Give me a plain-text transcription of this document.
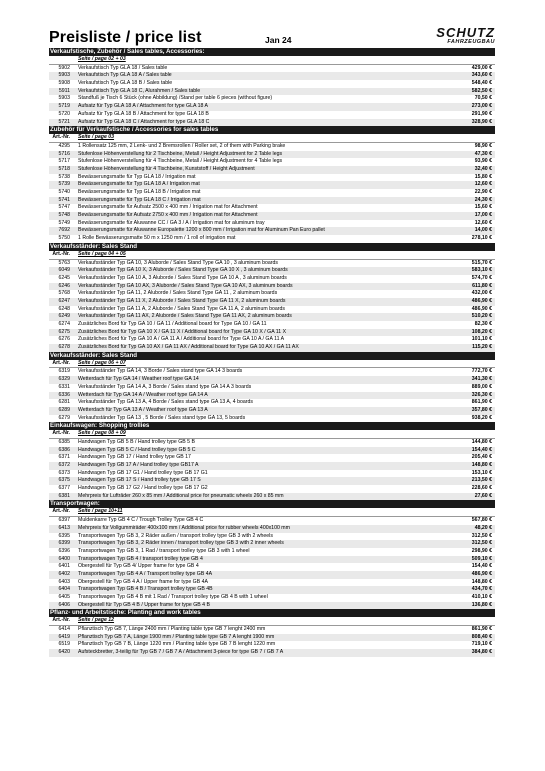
Preisliste / price list	Jan 24	SCHUTZ
FAHRZEUGBAU
Verkaufstische, Zubehör / Sales tables, Accessories:
Seite / page 02 + 03
5902 Verkaufstisch Typ GLA 18 / Sales table	429,00 €
5903 Verkaufstisch Typ GLA 18 A / Sales table	343,60 €
5908 Verkaufstisch Typ GLA 18 B / Sales table	548,40 €
5911 Verkaufstisch Typ GLA 18 C, Alurahmen / Sales table	582,50 €
5903 Standfuß je Tisch 6 Stück (ohne Abbildung) /Stand per table 6 pieces (without figure)	70,50 €
5719 Aufsatz für Typ GLA 18 A / Attachment for type GLA 18 A	273,00 €
5720 Aufsatz für Typ GLA 18 B / Attachment for type GLA 18 B	291,90 €
5721 Aufsatz für Typ GLA 18 C / Attachment for type GLA 18 C	328,90 €
Zubehör für Verkaufstische / Accessories for sales tables
Art.-Nr. Seite / page 03
4295 1 Rollensatz 125 mm, 2 Lenk- und 2 Bremsrollen / Roller set, 2 of them with Parking brake	98,90 €
5716 Stufenlose Höhenverstellung für 2 Tischbeine, Metall / Height Adjustment for 2 Table legs	47,30 €
5717 Stufenlose Höhenverstellung für 4 Tischbeine, Metall / Height Adjustment for 4 Table legs	93,90 €
5718 Stufenlose Höhenverstellung für 4 Tischbeine, Kunststoff / Height Adjustment	32,40 €
5738 Bewässerungsmatte für Typ GLA 18 / Irrigation mat	15,80 €
5739 Bewässerungsmatte für Typ GLA 18 A / Irrigation mat	12,60 €
5740 Bewässerungsmatte für Typ GLA 18 B / Irrigation mat	22,90 €
5741 Bewässerungsmatte für Typ GLA 18 C / Irrigation mat	24,30 €
5747 Bewässerungsmatte für Aufsatz 2500 x 400 mm / Irrigation mat for Attachment	15,60 €
5748 Bewässerungsmatte für Aufsatz 2750 x 400 mm / Irrigation mat for Attachment	17,00 €
5749 Bewässerungsmatte für Aluwanne CC / GA 3 / A / Irrigation mat for aluminum tray	12,60 €
7692 Bewässerungsmatte für Aluwanne Europalette 1200 x 800 mm / Irrigation mat for Aluminum Pan Euro pallet	14,00 €
5750 1 Rolle Bewässerungsmatte 50 m x 1250 mm / 1 roll of irrigation mat	278,10 €
Verkaufsständer: Sales Stand
Art.-Nr. Seite / page 04 + 05
5763 Verkaufsständer Typ GA 10, 3 Aluborde / Sales Stand Type GA 10 , 3 aluminum boards	515,70 €
6049 Verkaufsständer Typ GA 10 X, 3 Aluborde / Sales Stand Type GA 10 X , 3 aluminum boards	583,10 €
6245 Verkaufsständer Typ GA 10 A, 3 Aluborde / Sales Stand Type GA 10 A , 3 aluminum boards	574,70 €
6246 Verkaufsständer Typ GA 10 AX, 3 Aluborde / Sales Stand Type GA 10 AX, 3 aluminum boards	611,80 €
5768 Verkaufsständer Typ GA 11, 2 Aluborde / Sales Stand Type GA 11 , 2 aluminum boards	432,00 €
6247 Verkaufsständer Typ GA 11 X, 2 Aluborde / Sales Stand Type GA 11 X, 2 aluminum boards	486,90 €
6248 Verkaufsständer Typ GA 11 A, 2 Aluborde / Sales Stand Type GA 11 A, 2 aluminum boards	486,90 €
6249 Verkaufsständer Typ GA 11 AX, 2 Aluborde / Sales Stand Type GA 11 AX, 2 aluminum boards	510,20 €
6274 Zusätzliches Bord für Typ GA 10 / GA 11 / Additional board for Type GA 10 / GA 11	82,30 €
6275 Zusätzliches Bord für Typ GA 10 X / GA 11 X / Additional board for Type GA 10 X / GA 11 X	108,20 €
6276 Zusätzliches Bord für Typ GA 10 A / GA 11 A / Additional board for Type GA 10 A / GA 11 A	101,10 €
6278 Zusätzliches Bord für Typ GA 10 AX / GA 11 AX / Additional board for Type GA 10 AX / GA 11 AX	115,20 €
Verkaufsständer: Sales Stand
Art.-Nr. Seite / page 06 + 07
6319 Verkaufsständer Typ GA 14, 3 Borde / Sales stand type GA 14 3 boards	772,70 €
6329 Wetterdach für Typ GA 14 / Weather roof type GA 14	341,30 €
6331 Verkaufsständer Typ GA 14 A, 3 Borde / Sales stand type GA 14 A 3 boards	889,00 €
6336 Wetterdach für Typ GA 14 A / Weather roof type GA 14 A	326,30 €
6281 Verkaufsständer Typ GA 13 A, 4 Borde / Sales stand type GA 13 A, 4 boards	861,90 €
6289 Wetterdach für Typ GA 13 A / Weather roof type GA 13 A	357,80 €
6279 Verkaufsständer Typ GA 13 , 5 Borde / Sales stand type GA 13, 5 boards	938,20 €
Einkaufswagen: Shopping trollies
Art.-Nr. Seite / page 08 + 09
6385 Handwagen Typ GB 5 B / Hand trolley type GB 5 B	144,80 €
6386 Handwagen Typ GB 5 C / Hand trolley type GB 5 C	154,40 €
6371 Handwagen Typ GB 17 / Hand trolley type GB 17	205,40 €
6372 Handwagen Typ GB 17 A / Hand trolley type GB17 A	148,80 €
6373 Handwagen Typ GB 17 G1 / Hand trolley type GB 17 G1	153,10 €
6375 Handwagen Typ GB 17 S / Hand trolley type GB 17 S	213,50 €
6377 Handwagen Typ GB 17 G2 / Hand trolley type GB 17 G2	228,60 €
6381 Mehrpreis für Luftråder 260 x 85 mm / Additional price for pneumatic wheels 260 x 85 mm	27,60 €
Transportwagen:
Art.-Nr. Seite / page 10+11
6397 Muldenkarre Typ GB 4 C / Trough Trolley Type GB 4 C	567,80 €
6413 Mehrpreis für Vollgummiräder 400x100 mm / Additional price for rubber wheels 400x100 mm	48,20 €
6395 Transportwagen Typ GB 3, 2 Räder außen / transport trolley type GB 3 with 2 wheels	312,50 €
6399 Transportwagen Typ GB 3, 2 Räder innen / transport trolley type GB 3 with 2 inner wheels	312,50 €
6396 Transportwagen Typ GB 3, 1 Rad / transport trolley type GB 3 with 1 wheel	298,90 €
6400 Transportwagen Typ GB 4 / transport trolley type GB 4	509,10 €
6401 Obergestell für Typ GB 4/ Upper frame for type GB 4	154,40 €
6402 Transportwagen Typ GB 4 A / Transport trolley type GB 4A	486,90 €
6403 Obergestell für Typ GB 4 A / Upper frame for type GB 4A	148,80 €
6404 Transportwagen Typ GB 4 B / Transport trolley type GB 4B	434,70 €
6405 Transportwagen Typ GB 4 B mit 1 Rad / Transport trolley type GB 4 B with 1 wheel	410,10 €
6406 Obergestell für Typ GB 4 B / Upper frame for type GB 4 B	136,80 €
Pflanz- und Arbeitstische: Planting and work tables
Art.-Nr. Seite / page 12
6414 Pflanztisch Typ GB 7, Länge 2400 mm / Planting table type GB 7 lenght 2400 mm	861,90 €
6419 Pflanztisch Typ GB 7 A, Länge 1900 mm / Planting table type GB 7 A lenght 1900 mm	808,40 €
6519 Pflanztisch Typ GB 7 B, Länge 1220 mm / Planting table type GB 7 B lenght 1220 mm	719,10 €
6420 Aufsteckbretter, 3-teilig für Typ GB 7 / GB 7 A / Attachment 3-piece for type GB 7 / GB 7 A	384,80 €
